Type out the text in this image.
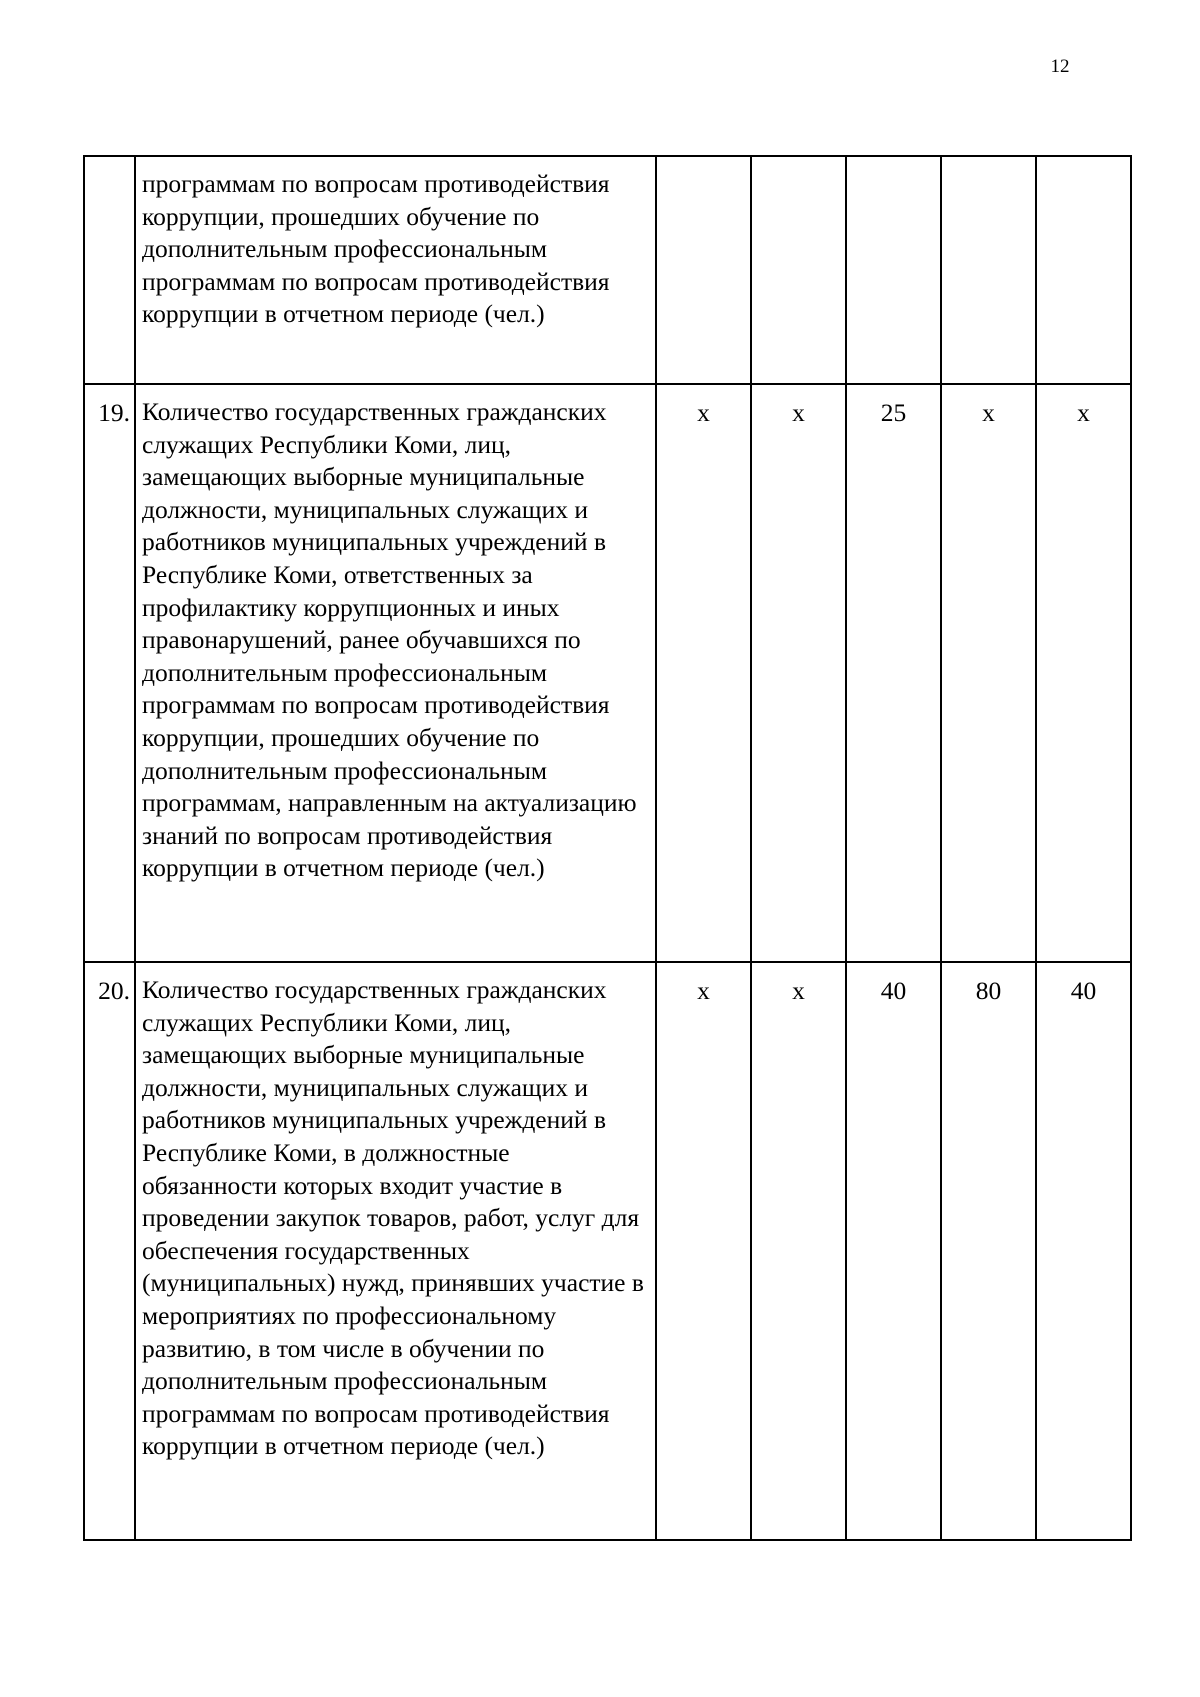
12
	программам по вопросам противодействия коррупции, прошедших обучение по дополнительным профессиональным программам по вопросам противодействия коррупции в отчетном периоде (чел.)					
19.	Количество государственных гражданских служащих Республики Коми, лиц, замещающих выборные муниципальные должности, муниципальных служащих и работников муниципальных учреждений в Республике Коми, ответственных за профилактику коррупционных и иных правонарушений, ранее обучавшихся по дополнительным профессиональным программам по вопросам противодействия коррупции, прошедших обучение по дополнительным профессиональным программам, направленным на актуализацию знаний по вопросам противодействия коррупции в отчетном периоде (чел.)	х	х	25	х	х
20.	Количество государственных гражданских служащих Республики Коми, лиц, замещающих выборные муниципальные должности, муниципальных служащих и работников муниципальных учреждений в Республике Коми, в должностные обязанности которых входит участие в проведении закупок товаров, работ, услуг для обеспечения государственных (муниципальных) нужд, принявших участие в мероприятиях по профессиональному развитию, в том числе в обучении по дополнительным профессиональным программам по вопросам противодействия коррупции в отчетном периоде (чел.)	х	х	40	80	40
